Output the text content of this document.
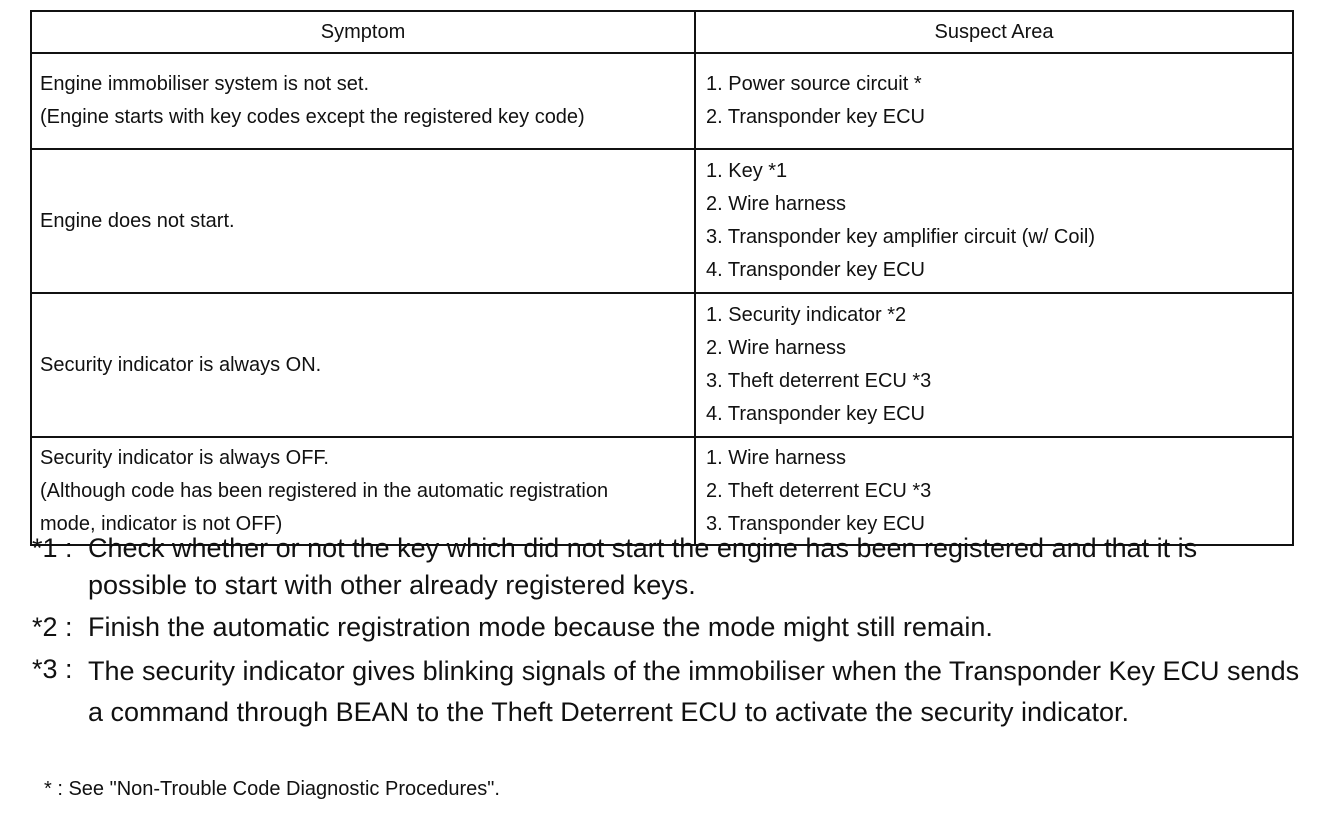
Symptom	Suspect Area
Engine immobiliser system is not set.
(Engine starts with key codes except the registered key code)
1. Power source circuit *
2. Transponder key ECU
Engine does not start.
1. Key *1
2. Wire harness
3. Transponder key amplifier circuit (w/ Coil)
4. Transponder key ECU
Security indicator is always ON.
1. Security indicator *2
2. Wire harness
3. Theft deterrent ECU *3
4. Transponder key ECU
Security indicator is always OFF.
(Although code has been registered in the automatic registration
mode, indicator is not OFF)
1. Wire harness
2. Theft deterrent ECU *3
3. Transponder key ECU
*1 : Check whether or not the key which did not start the engine has been registered and that it is possible to start with other already registered keys.
*2 : Finish the automatic registration mode because the mode might still remain.
*3 : The security indicator gives blinking signals of the immobiliser when the Transponder Key ECU sends a command through BEAN to the Theft Deterrent ECU to activate the security indicator.
* : See "Non-Trouble Code Diagnostic Procedures".
